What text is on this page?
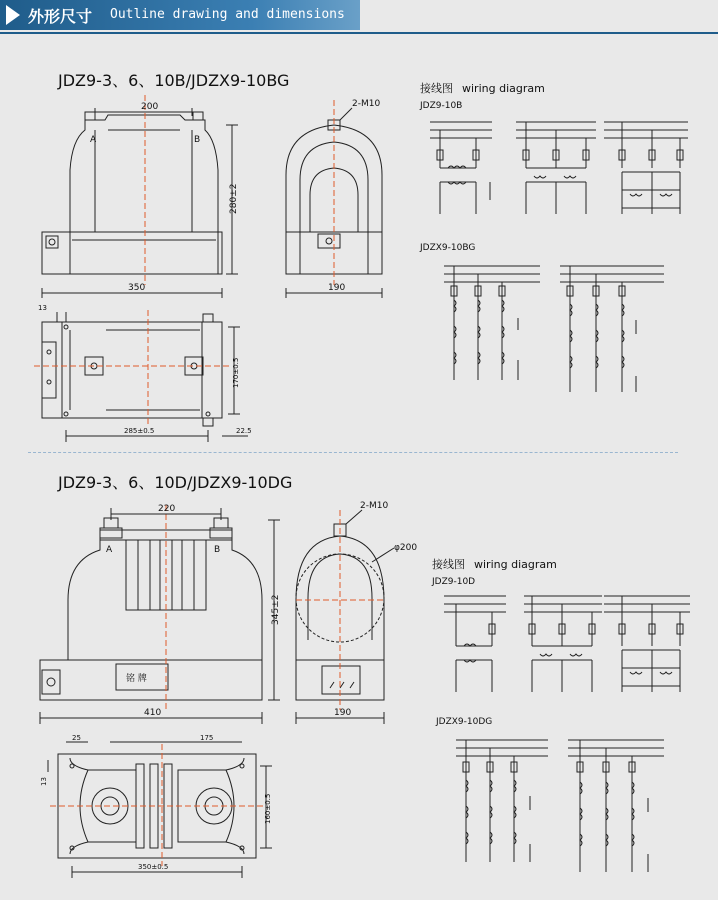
外形尺寸 Outline drawing and dimensions
JDZ9-3、6、10B/JDZX9-10BG
200
A	B
280±2
350
2-M10
190
13
170±0.5
285±0.5	22.5
接线图 wiring diagram
JDZ9-10B
JDZX9-10BG
JDZ9-3、6、10D/JDZX9-10DG
铭 牌
220
A	B
345±2
410
2-M10
φ200
190
25	175
13
160±0.5
350±0.5
接线图 wiring diagram
JDZ9-10D
JDZX9-10DG
